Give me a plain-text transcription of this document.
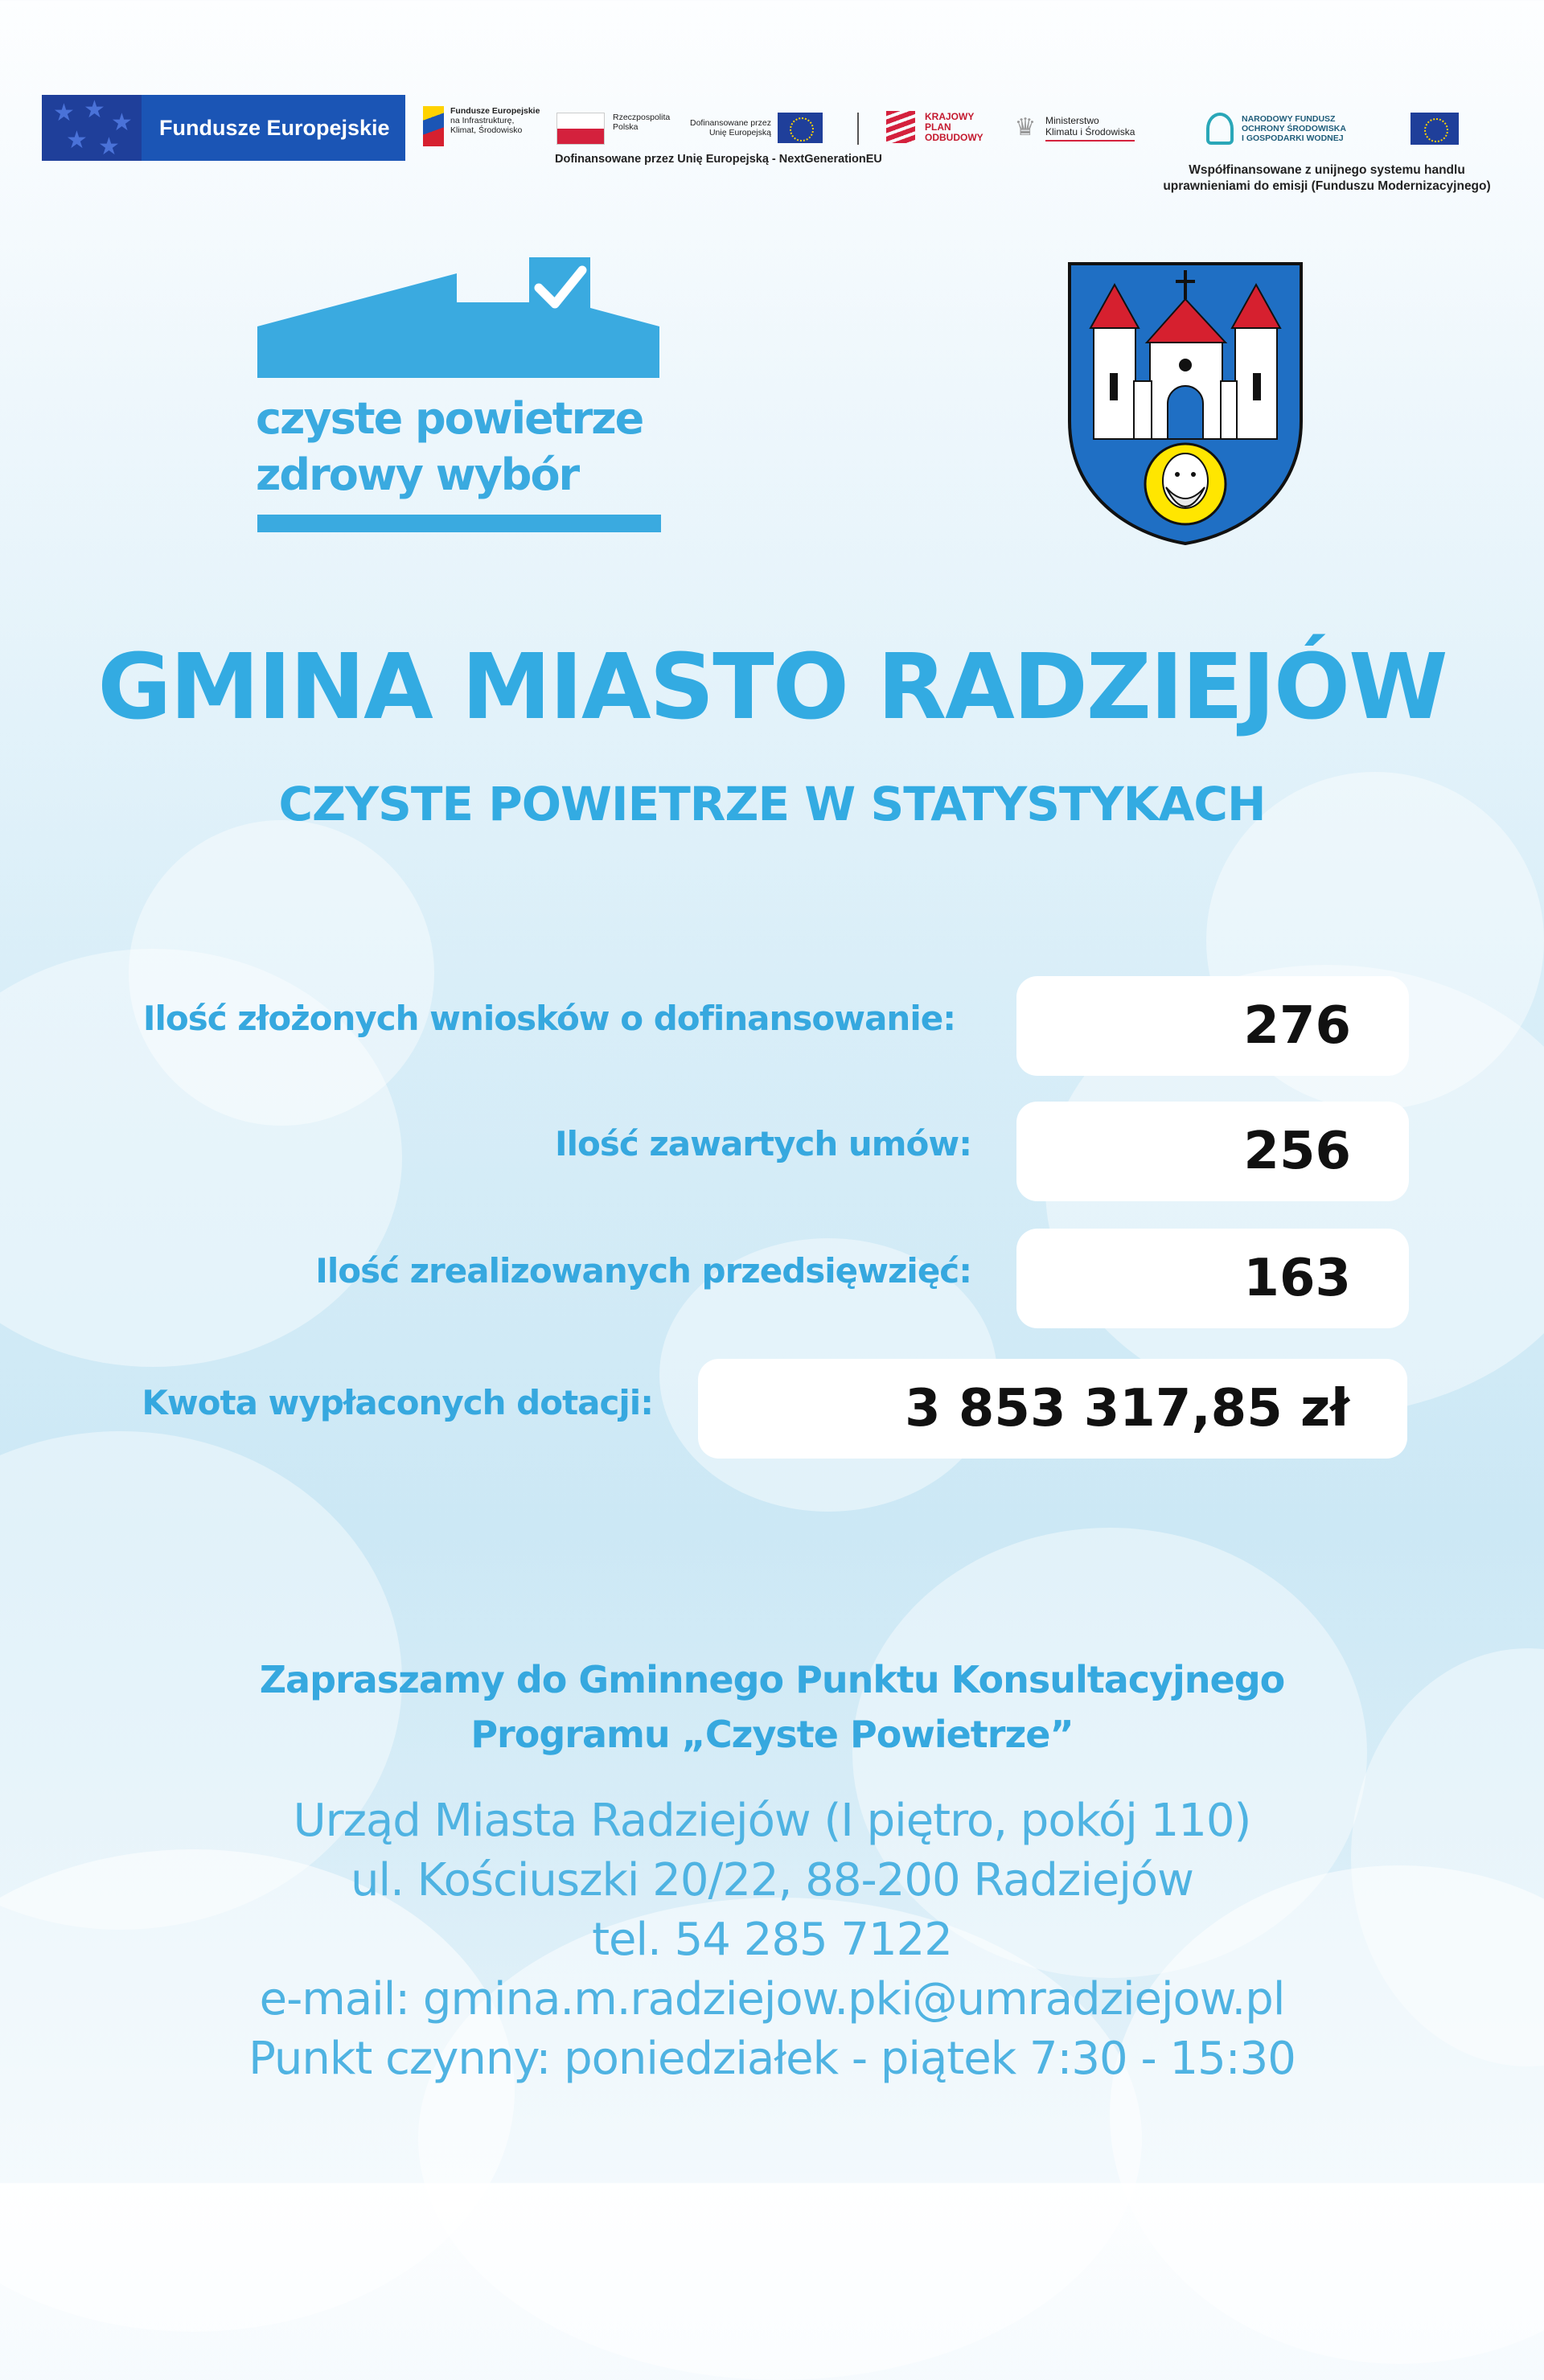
★ ★ ★
★ ★
Fundusze Europejskie
Fundusze Europejskie
na Infrastrukturę,
Klimat, Środowisko
Rzeczpospolita
Polska	Dofinansowane przez
Unię Europejską
KRAJOWY
PLAN
ODBUDOWY ♛ Ministerstwo
Klimatu i Środowiska
Dofinansowane przez Unię Europejską - NextGenerationEU
NARODOWY FUNDUSZ
OCHRONY ŚRODOWISKA
I GOSPODARKI WODNEJ
Współfinansowane z unijnego systemu handlu
uprawnieniami do emisji (Funduszu Modernizacyjnego)
czyste powietrze
zdrowy wybór
GMINA MIASTO RADZIEJÓW
CZYSTE POWIETRZE W STATYSTYKACH
Ilość złożonych wniosków o dofinansowanie:	276
Ilość zawartych umów:	256
Ilość zrealizowanych przedsięwzięć:	163
Kwota wypłaconych dotacji:	3 853 317,85 zł
Zapraszamy do Gminnego Punktu Konsultacyjnego
Programu „Czyste Powietrze”
Urząd Miasta Radziejów (I piętro, pokój 110)
ul. Kościuszki 20/22, 88-200 Radziejów
tel. 54 285 7122
e-mail: gmina.m.radziejow.pki@umradziejow.pl
Punkt czynny: poniedziałek - piątek 7:30 - 15:30
